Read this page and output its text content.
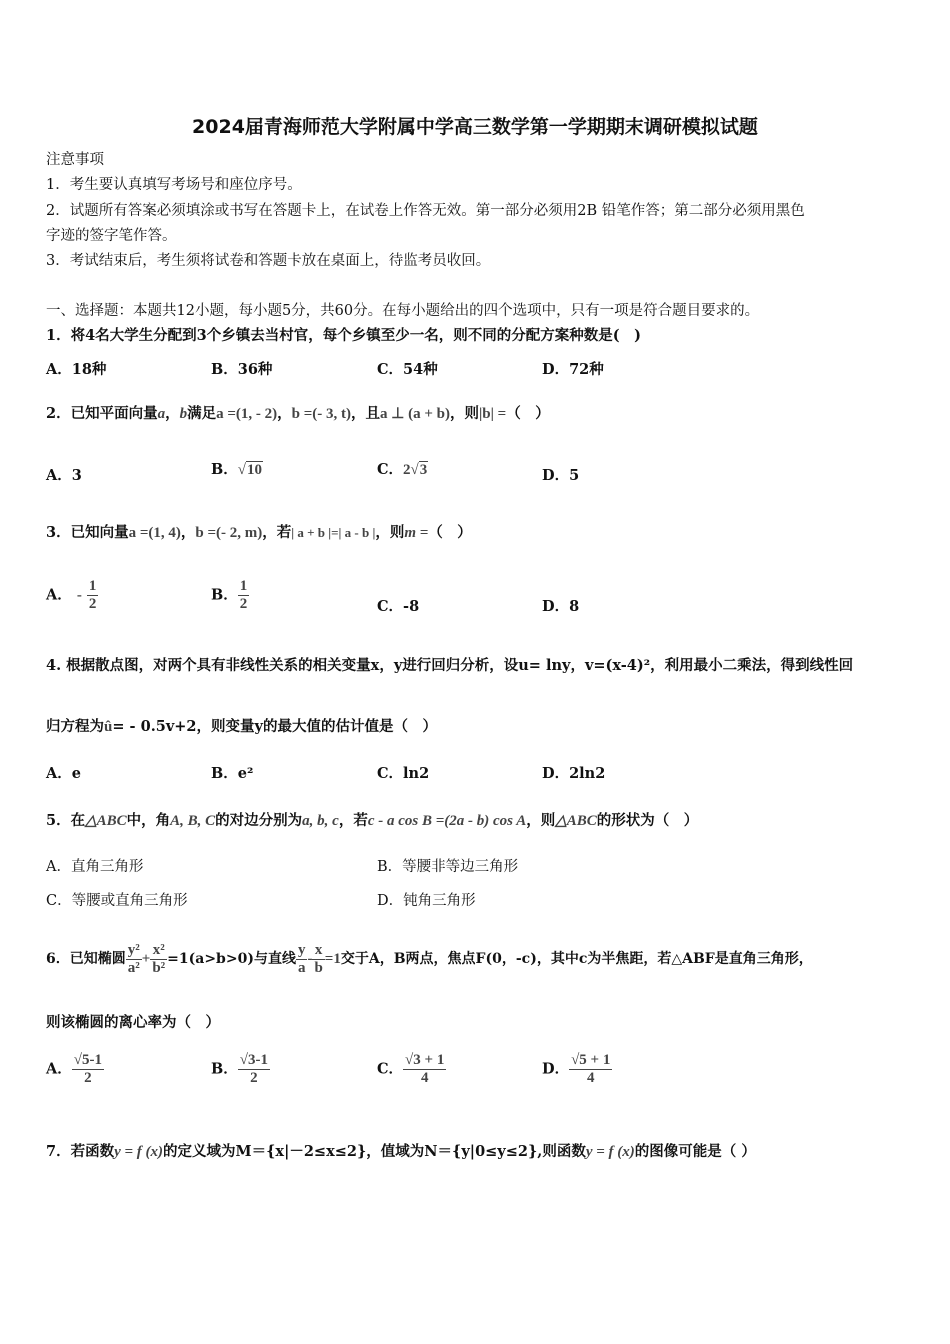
2024届青海师范大学附属中学高三数学第一学期期末调研模拟试题
注意事项
1．考生要认真填写考场号和座位序号。
2．试题所有答案必须填涂或书写在答题卡上，在试卷上作答无效。第一部分必须用2B 铅笔作答；第二部分必须用黑色
字迹的签字笔作答。
3．考试结束后，考生须将试卷和答题卡放在桌面上，待监考员收回。
一、选择题：本题共12小题，每小题5分，共60分。在每小题给出的四个选项中，只有一项是符合题目要求的。
1．将4名大学生分配到3个乡镇去当村官，每个乡镇至少一名，则不同的分配方案种数是(　)
A．18种	B．36种	C．54种	D．72种
2．已知平面向量a，b满足a =(1, - 2)，b =(- 3, t)，且a ⊥ (a + b)，则|b| =（　）
A．3	B．√10	C．2√3	D．5
3．已知向量a =(1, 4)，b =(- 2, m)，若| a + b |=| a - b |，则m =（　）
A． - $\frac{1}{2}$	B． $\frac{1}{2}$	C．-8	D．8
4. 根据散点图，对两个具有非线性关系的相关变量x，y进行回归分析，设u= lny，v=(x-4)²，利用最小二乘法，得到线性回
归方程为û= - 0.5v+2，则变量y的最大值的估计值是（　）
A．e	B．e²	C．ln2	D．2ln2
5．在△ABC中，角A, B, C的对边分别为a, b, c，若c - a cos B =(2a - b) cos A，则△ABC的形状为（　）
A．直角三角形	B．等腰非等边三角形
C．等腰或直角三角形	D．钝角三角形
6．已知椭圆 $\frac{\text{y²}}{\text{a²}} + \frac{\text{x²}}{\text{b²}} =1(a>b>0)$与直线 $\frac{y}{a} - \frac{x}{b} =1$交于A，B两点，焦点F(0，-c)，其中c为半焦距，若△ABF是直角三角形，
则该椭圆的离心率为（　）
A． $\frac{√5-1}{2}$	B． $\frac{√3-1}{2}$	C． $\frac{√3 + 1}{4}$	D． $\frac{√5 + 1}{4}$
7．若函数y = f (x)的定义域为M＝{x|－2≤x≤2}，值域为N＝{y|0≤y≤2},则函数y = f (x)的图像可能是（ ）
